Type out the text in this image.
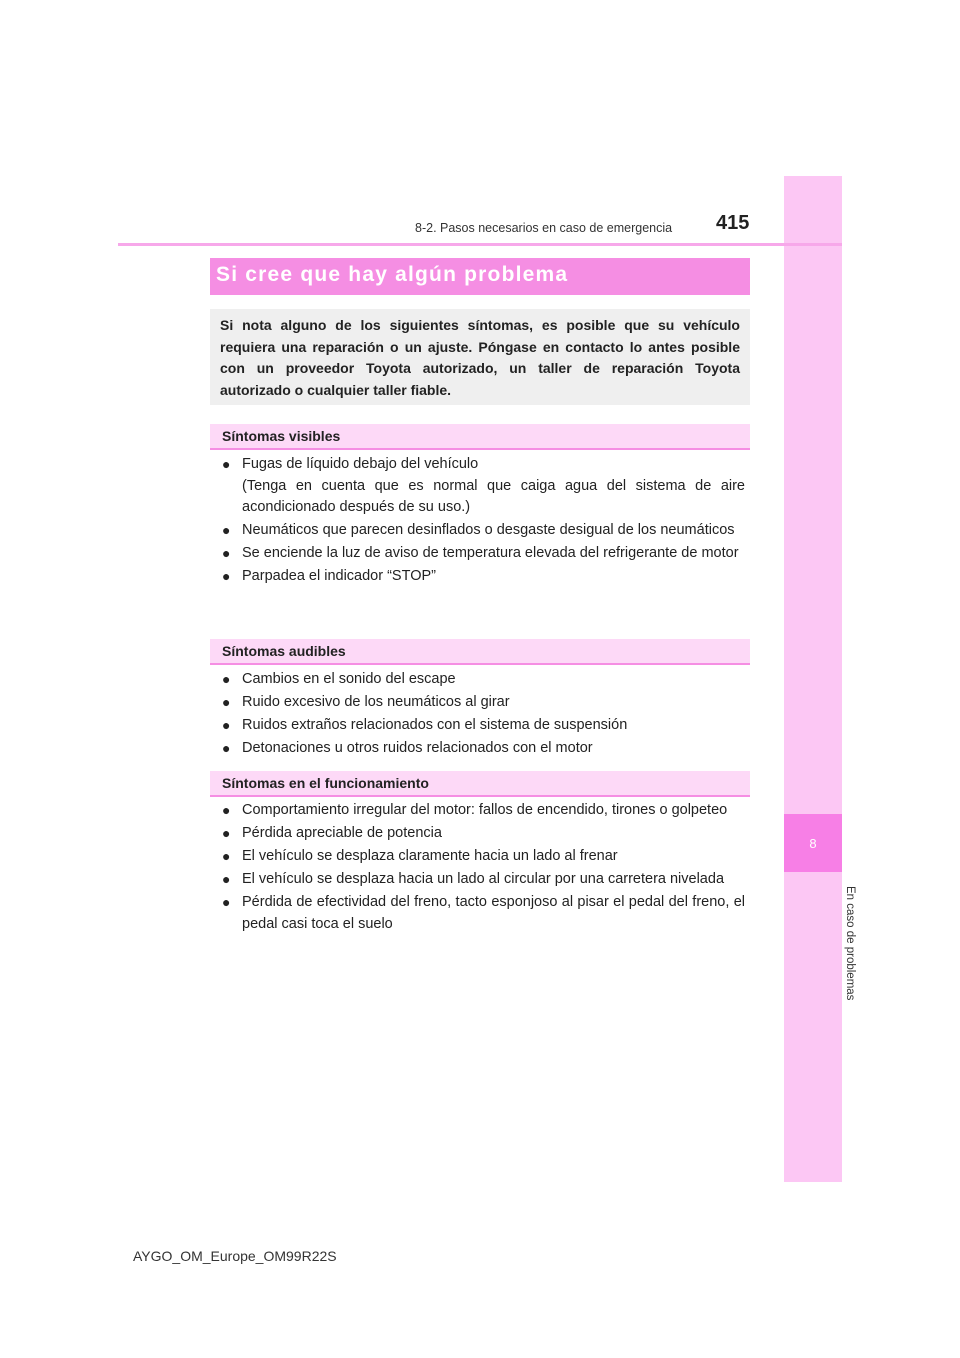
8
En caso de problemas
8-2. Pasos necesarios en caso de emergencia 415
Si cree que hay algún problema
Si nota alguno de los siguientes síntomas, es posible que su vehículo requiera una reparación o un ajuste. Póngase en contacto lo antes posible con un proveedor Toyota autorizado, un taller de reparación Toyota autorizado o cualquier taller fiable.
Síntomas visibles
● Fugas de líquido debajo del vehículo
(Tenga en cuenta que es normal que caiga agua del sistema de aire acondicionado después de su uso.)
● Neumáticos que parecen desinflados o desgaste desigual de los neumáticos
● Se enciende la luz de aviso de temperatura elevada del refrigerante de motor
● Parpadea el indicador “STOP”
Síntomas audibles
● Cambios en el sonido del escape
● Ruido excesivo de los neumáticos al girar
● Ruidos extraños relacionados con el sistema de suspensión
● Detonaciones u otros ruidos relacionados con el motor
Síntomas en el funcionamiento
● Comportamiento irregular del motor: fallos de encendido, tirones o golpeteo
● Pérdida apreciable de potencia
● El vehículo se desplaza claramente hacia un lado al frenar
● El vehículo se desplaza hacia un lado al circular por una carretera nivelada
● Pérdida de efectividad del freno, tacto esponjoso al pisar el pedal del freno, el pedal casi toca el suelo
AYGO_OM_Europe_OM99R22S
